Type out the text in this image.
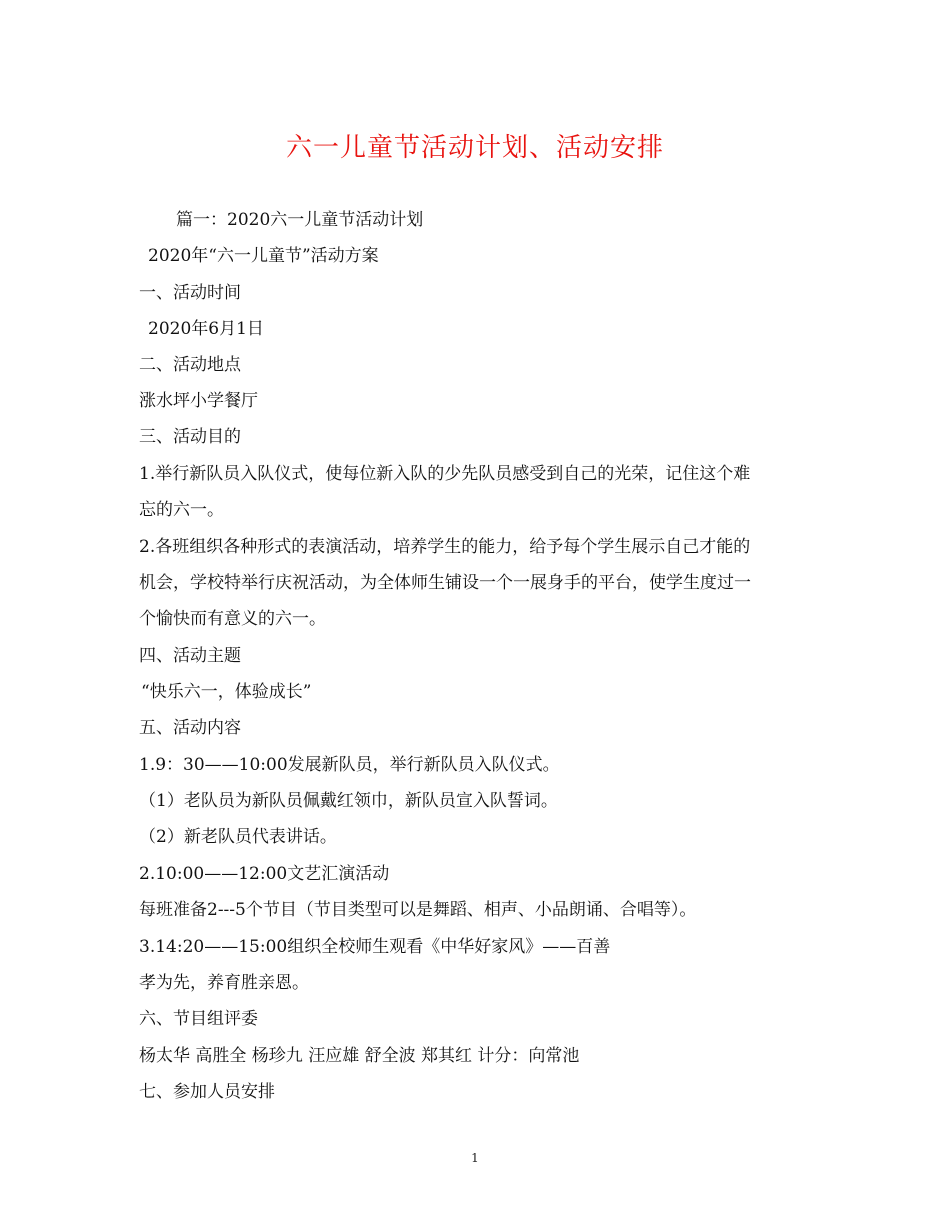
六一儿童节活动计划、活动安排
篇一：2020六一儿童节活动计划
2020年“六一儿童节”活动方案
一、活动时间
2020年6月1日
二、活动地点
涨水坪小学餐厅
三、活动目的
1.举行新队员入队仪式，使每位新入队的少先队员感受到自己的光荣，记住这个难
忘的六一。
2.各班组织各种形式的表演活动，培养学生的能力，给予每个学生展示自己才能的
机会，学校特举行庆祝活动，为全体师生铺设一个一展身手的平台，使学生度过一
个愉快而有意义的六一。
四、活动主题
“快乐六一，体验成长”
五、活动内容
1.9：30——10:00发展新队员，举行新队员入队仪式。
（1）老队员为新队员佩戴红领巾，新队员宣入队誓词。
（2）新老队员代表讲话。
2.10:00——12:00文艺汇演活动
每班准备2---5个节目（节目类型可以是舞蹈、相声、小品朗诵、合唱等）。
3.14:20——15:00组织全校师生观看《中华好家风》——百善
孝为先，养育胜亲恩。
六、节目组评委
杨太华 高胜全 杨珍九 汪应雄 舒全波 郑其红 计分：向常池
七、参加人员安排
1
